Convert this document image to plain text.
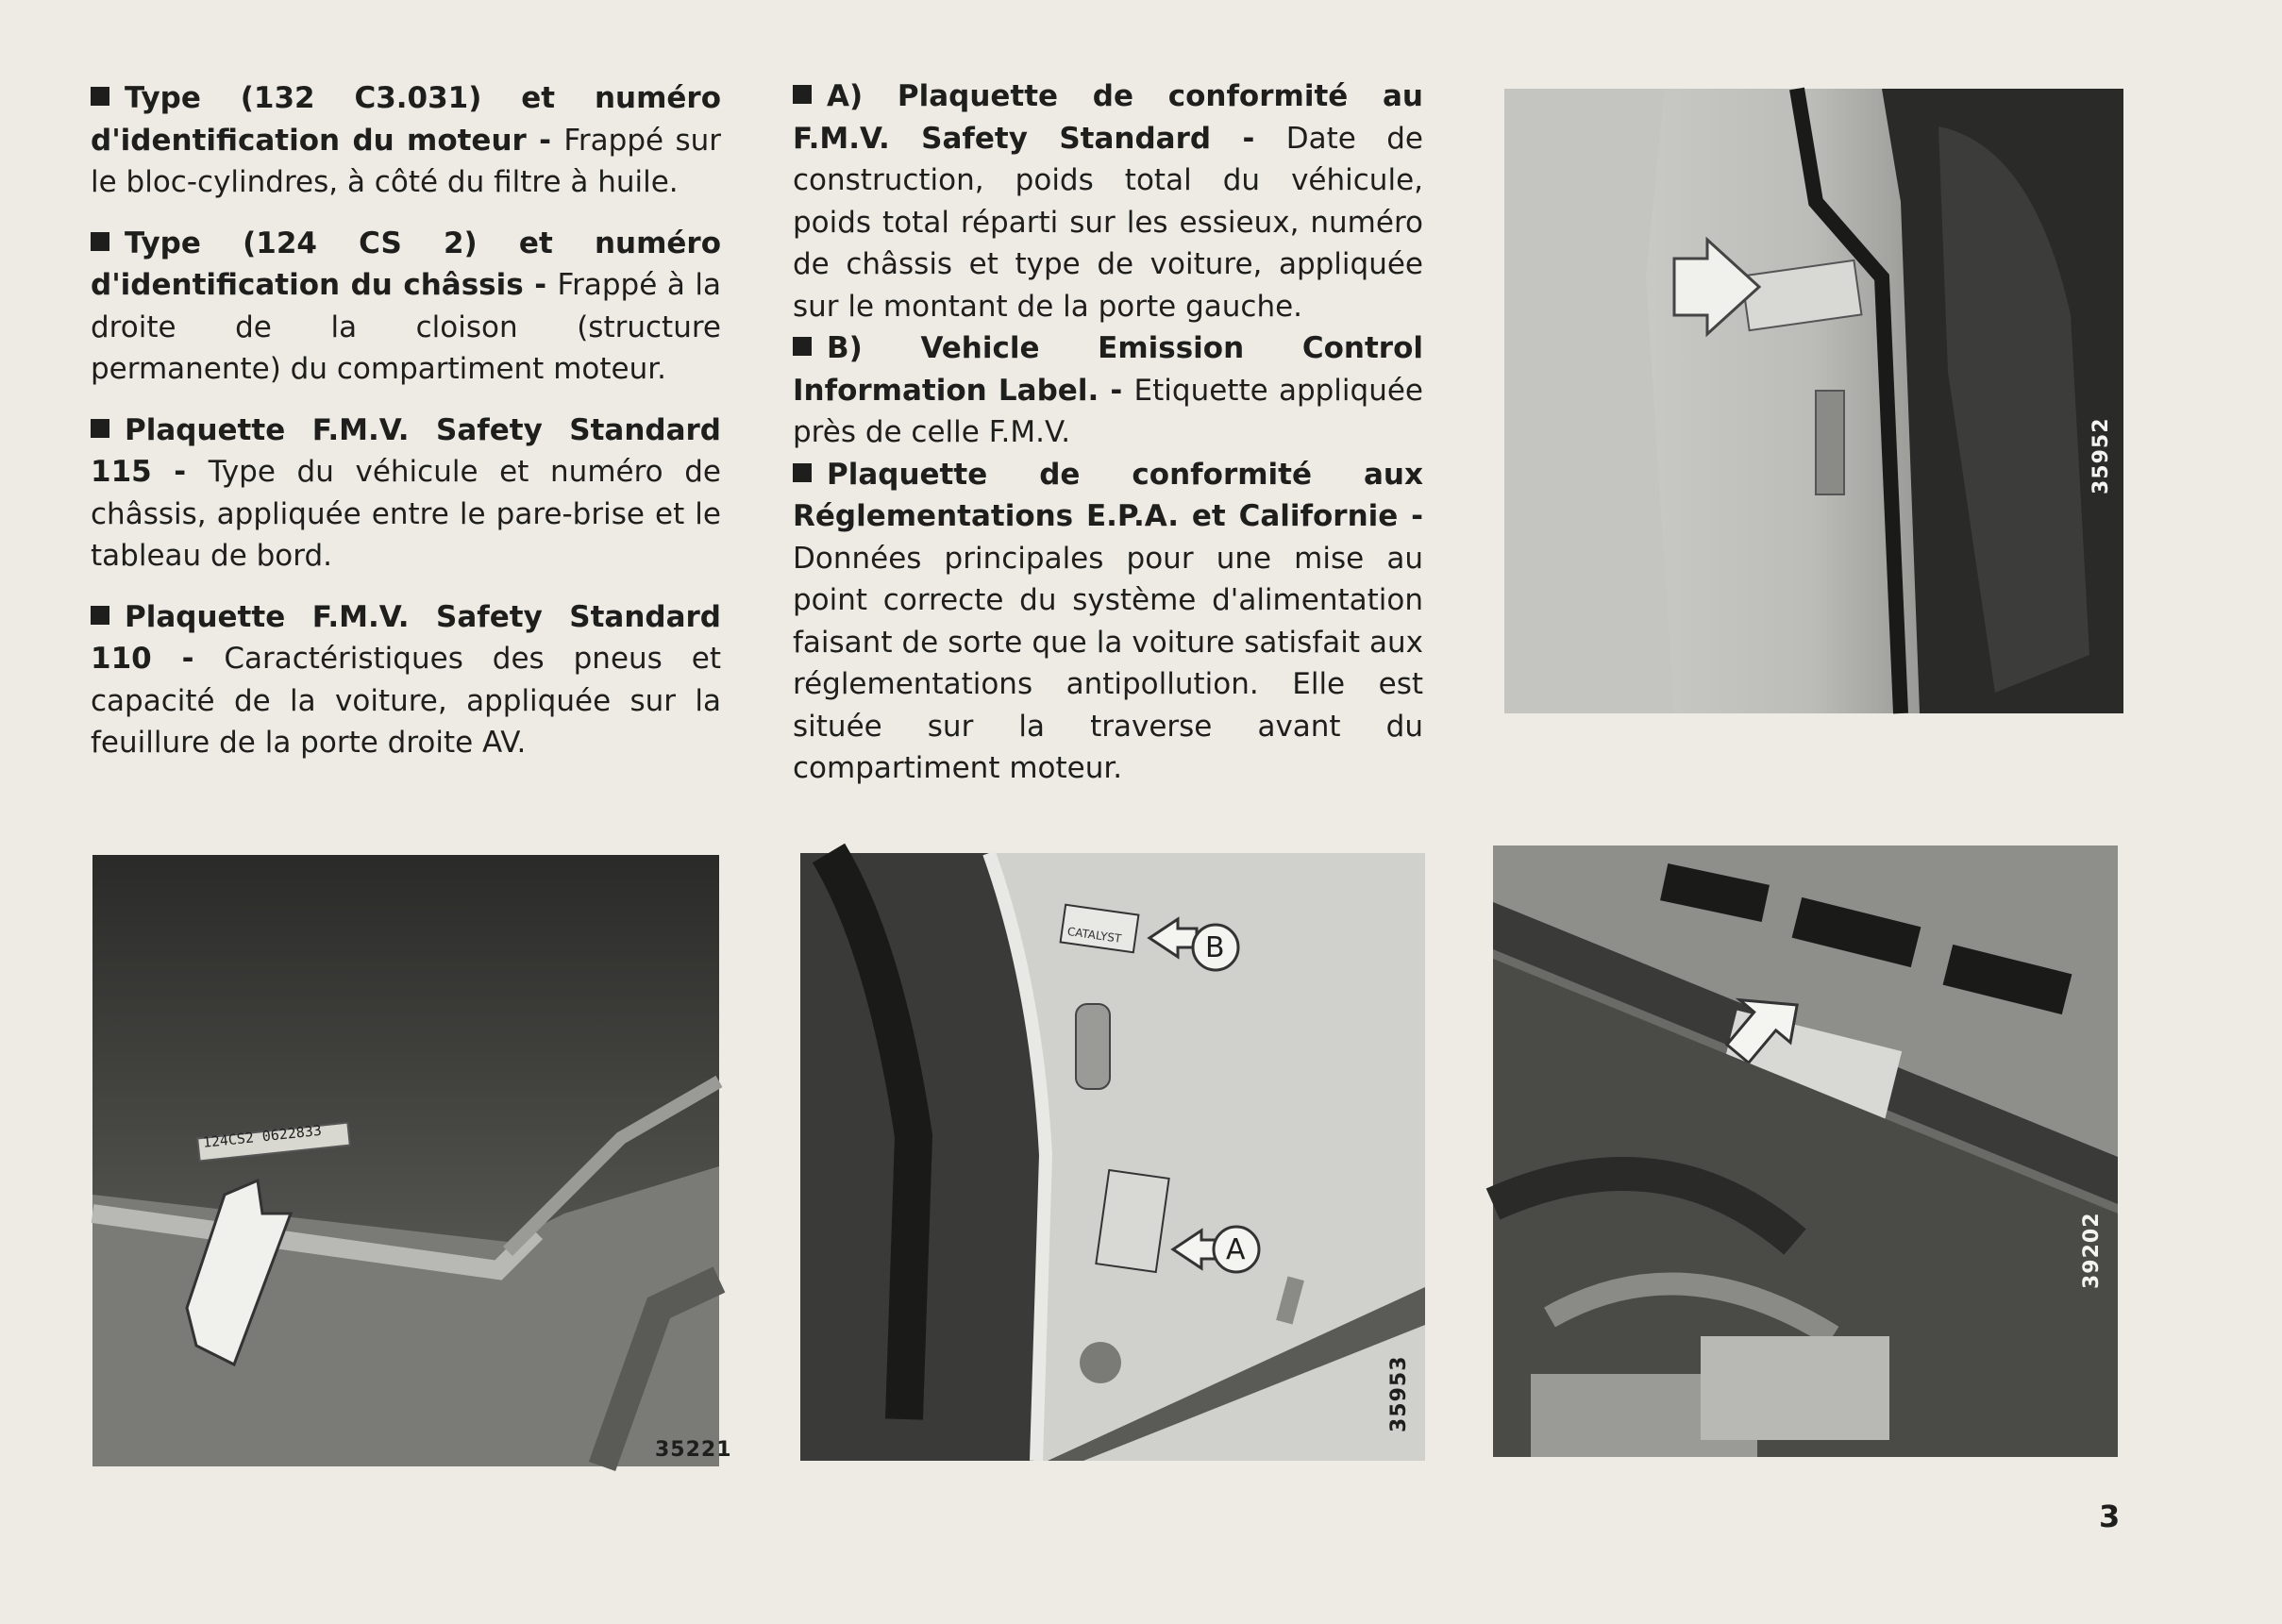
Type (132 C3.031) et numéro d'identification du moteur - Frappé sur le bloc-cylindres, à côté du filtre à huile.

Type (124 CS 2) et numéro d'identification du châssis - Frappé à la droite de la cloison (structure permanente) du compartiment moteur.

Plaquette F.M.V. Safety Standard 115 - Type du véhicule et numéro de châssis, appliquée entre le pare-brise et le tableau de bord.

Plaquette F.M.V. Safety Standard 110 - Caractéristiques des pneus et capacité de la voiture, appliquée sur la feuillure de la porte droite AV.

A) Plaquette de conformité au F.M.V. Safety Standard - Date de construction, poids total du véhicule, poids total réparti sur les essieux, numéro de châssis et type de voiture, appliquée sur le montant de la porte gauche.

B) Vehicle Emission Control Information Label. - Etiquette appliquée près de celle F.M.V.

Plaquette de conformité aux Réglementations E.P.A. et Californie - Données principales pour une mise au point correcte du système d'alimentation faisant de sorte que la voiture satisfait aux réglementations antipollution. Elle est située sur la traverse avant du compartiment moteur.

35952
124CS2 0622833
35221
CATALYST	B
A
35953
39202
3
